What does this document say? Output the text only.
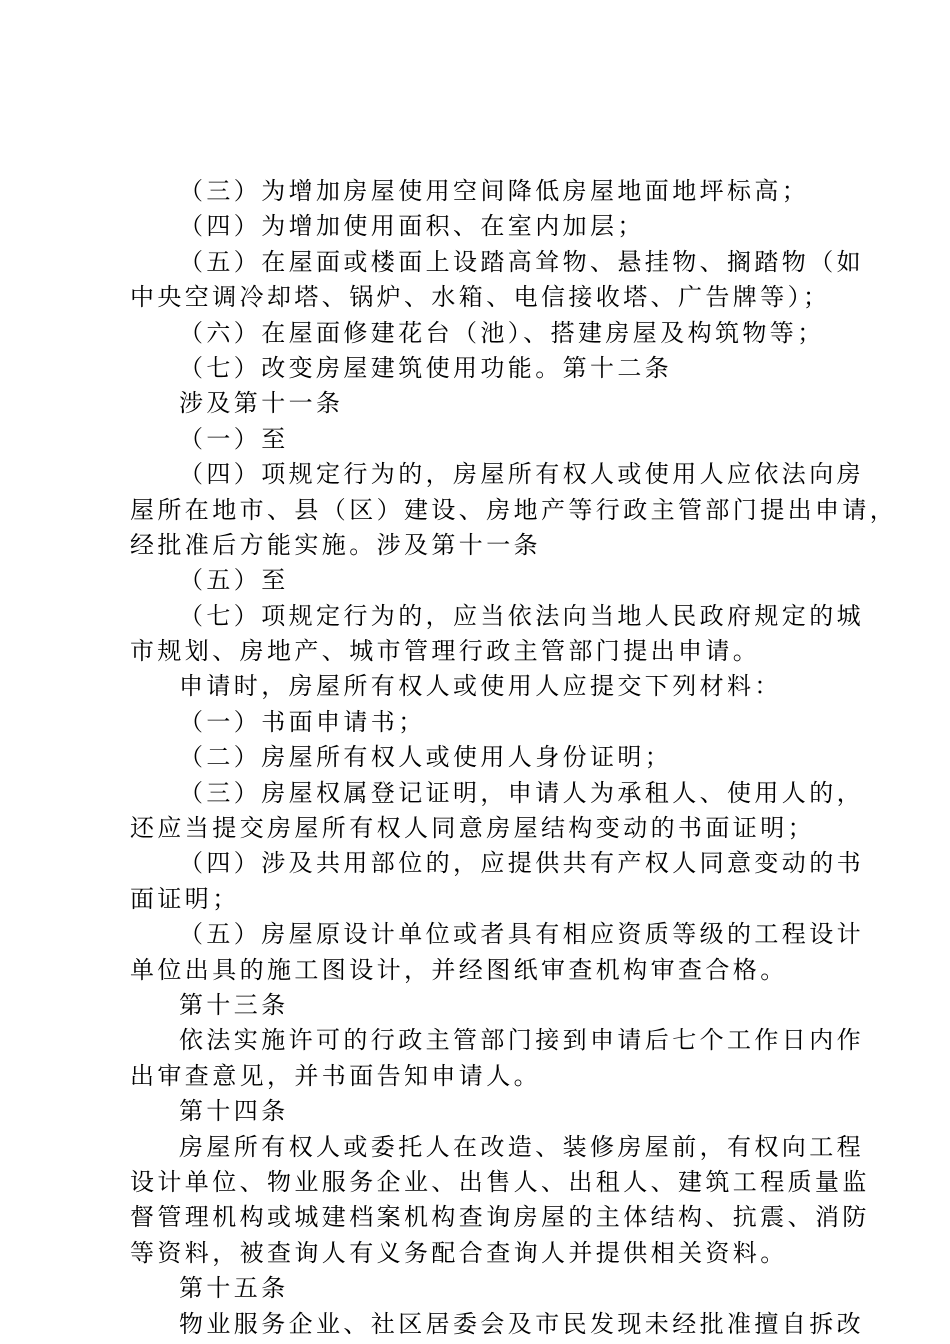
（三）为增加房屋使用空间降低房屋地面地坪标高；
（四）为增加使用面积、在室内加层；
（五）在屋面或楼面上设踏高耸物、悬挂物、搁踏物（如
中央空调冷却塔、锅炉、水箱、电信接收塔、广告牌等）；
（六）在屋面修建花台（池）、搭建房屋及构筑物等；
（七）改变房屋建筑使用功能。第十二条
涉及第十一条
（一）至
（四）项规定行为的，房屋所有权人或使用人应依法向房
屋所在地市、县（区）建设、房地产等行政主管部门提出申请，
经批准后方能实施。涉及第十一条
（五）至
（七）项规定行为的，应当依法向当地人民政府规定的城
市规划、房地产、城市管理行政主管部门提出申请。
申请时，房屋所有权人或使用人应提交下列材料：
（一）书面申请书；
（二）房屋所有权人或使用人身份证明；
（三）房屋权属登记证明，申请人为承租人、使用人的，
还应当提交房屋所有权人同意房屋结构变动的书面证明；
（四）涉及共用部位的，应提供共有产权人同意变动的书
面证明；
（五）房屋原设计单位或者具有相应资质等级的工程设计
单位出具的施工图设计，并经图纸审查机构审查合格。
第十三条
依法实施许可的行政主管部门接到申请后七个工作日内作
出审查意见，并书面告知申请人。
第十四条
房屋所有权人或委托人在改造、装修房屋前，有权向工程
设计单位、物业服务企业、出售人、出租人、建筑工程质量监
督管理机构或城建档案机构查询房屋的主体结构、抗震、消防
等资料，被查询人有义务配合查询人并提供相关资料。
第十五条
物业服务企业、社区居委会及市民发现未经批准擅自拆改
